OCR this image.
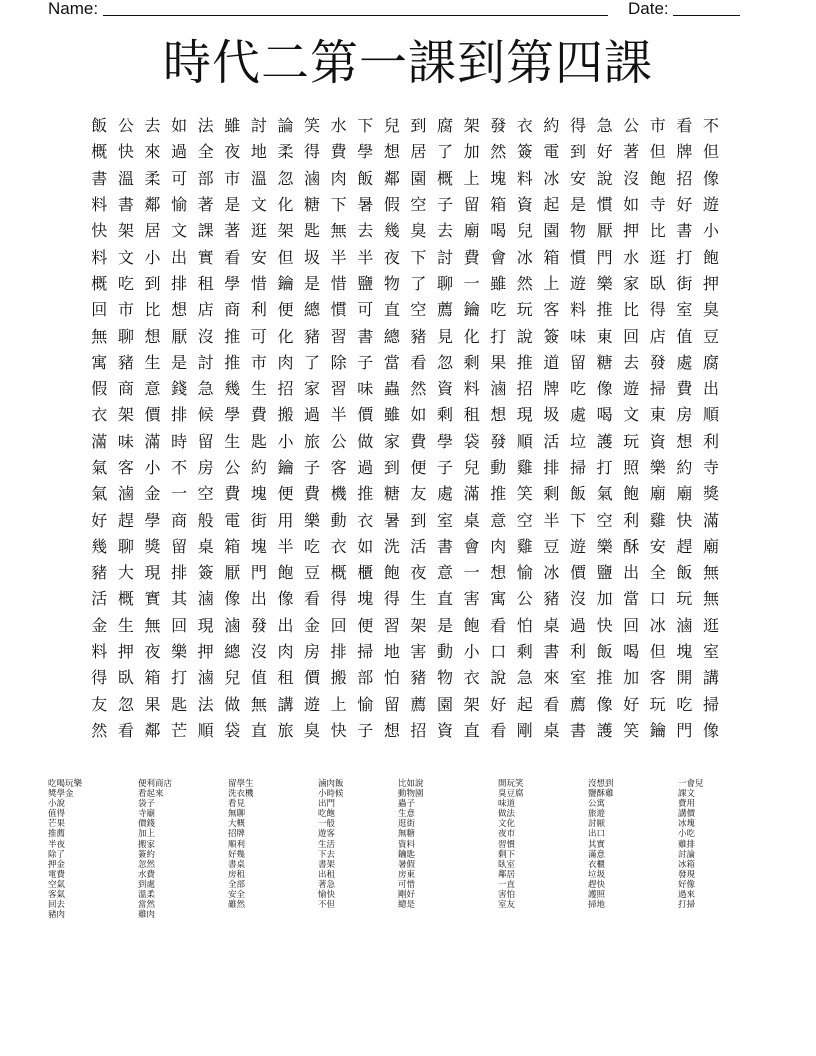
Name:	Date:
時代二第一課到第四課
飯 公 去 如 法 雖 討 論 笑 水 下 兒 到 腐 架 發 衣 約 得 急 公 市 看 不
概 快 來 過 全 夜 地 柔 得 費 學 想 居 了 加 然 簽 電 到 好 著 但 牌 但
書 溫 柔 可 部 市 溫 忽 滷 肉 飯 鄰 園 概 上 塊 料 冰 安 說 沒 飽 招 像
料 書 鄰 愉 著 是 文 化 糖 下 暑 假 空 子 留 箱 資 起 是 慣 如 寺 好 遊
快 架 居 文 課 著 逛 架 匙 無 去 幾 臭 去 廟 喝 兒 園 物 厭 押 比 書 小
料 文 小 出 實 看 安 但 圾 半 半 夜 下 討 費 會 冰 箱 慣 門 水 逛 打 飽
概 吃 到 排 租 學 惜 鑰 是 惜 鹽 物 了 聊 一 雖 然 上 遊 樂 家 臥 街 押
回 市 比 想 店 商 利 便 總 慣 可 直 空 薦 鑰 吃 玩 客 料 推 比 得 室 臭
無 聊 想 厭 沒 推 可 化 豬 習 書 總 豬 見 化 打 說 簽 味 東 回 店 值 豆
寓 豬 生 是 討 推 市 肉 了 除 子 當 看 忽 剩 果 推 道 留 糖 去 發 處 腐
假 商 意 錢 急 幾 生 招 家 習 味 蟲 然 資 料 滷 招 牌 吃 像 遊 掃 費 出
衣 架 價 排 候 學 費 搬 過 半 價 雖 如 剩 租 想 現 圾 處 喝 文 東 房 順
滿 味 滿 時 留 生 匙 小 旅 公 做 家 費 學 袋 發 順 活 垃 護 玩 資 想 利
氣 客 小 不 房 公 約 鑰 子 客 過 到 便 子 兒 動 雞 排 掃 打 照 樂 約 寺
氣 滷 金 一 空 費 塊 便 費 機 推 糖 友 處 滿 推 笑 剩 飯 氣 飽 廟 廟 獎
好 趕 學 商 般 電 街 用 樂 動 衣 暑 到 室 桌 意 空 半 下 空 利 雞 快 滿
幾 聊 獎 留 桌 箱 塊 半 吃 衣 如 洗 活 書 會 肉 雞 豆 遊 樂 酥 安 趕 廟
豬 大 現 排 簽 厭 門 飽 豆 概 櫃 飽 夜 意 一 想 愉 冰 價 鹽 出 全 飯 無
活 概 實 其 滷 像 出 像 看 得 塊 得 生 直 害 寓 公 豬 沒 加 當 口 玩 無
金 生 無 回 現 滷 發 出 金 回 便 習 架 是 飽 看 怕 桌 過 快 回 冰 滷 逛
料 押 夜 樂 押 總 沒 肉 房 排 掃 地 害 動 小 口 剩 書 利 飯 喝 但 塊 室
得 臥 箱 打 滷 兒 值 租 價 搬 部 怕 豬 物 衣 說 急 來 室 推 加 客 開 講
友 忽 果 匙 法 做 無 講 遊 上 愉 留 薦 園 架 好 起 看 薦 像 好 玩 吃 掃
然 看 鄰 芒 順 袋 直 旅 臭 快 子 想 招 資 直 看 剛 桌 書 護 笑 鑰 門 像
吃喝玩樂
獎學金
小說
值得
芒果
推薦
半夜
除了
押金
電費
空氣
客氣
回去
豬肉
便利商店
看起來
袋子
寺廟
價錢
加上
搬家
簽約
忽然
水費
到處
溫柔
當然
雞肉
留學生
洗衣機
看見
無聊
大概
招牌
順利
好幾
書桌
房租
全部
安全
雖然
滷肉飯
小時候
出門
吃飽
一般
遊客
生活
下去
書架
出租
著急
愉快
不但
比如說
動物園
蟲子
生意
逛街
無糖
資料
鑰匙
暑假
房東
可惜
剛好
總是
開玩笑
臭豆腐
味道
做法
文化
夜市
習慣
剩下
臥室
鄰居
一直
害怕
室友
沒想到
鹽酥雞
公寓
旅遊
討厭
出口
其實
滿意
衣櫃
垃圾
趕快
護照
掃地
一會兒
課文
費用
講價
冰塊
小吃
雞排
討論
冰箱
發現
好像
過來
打掃
